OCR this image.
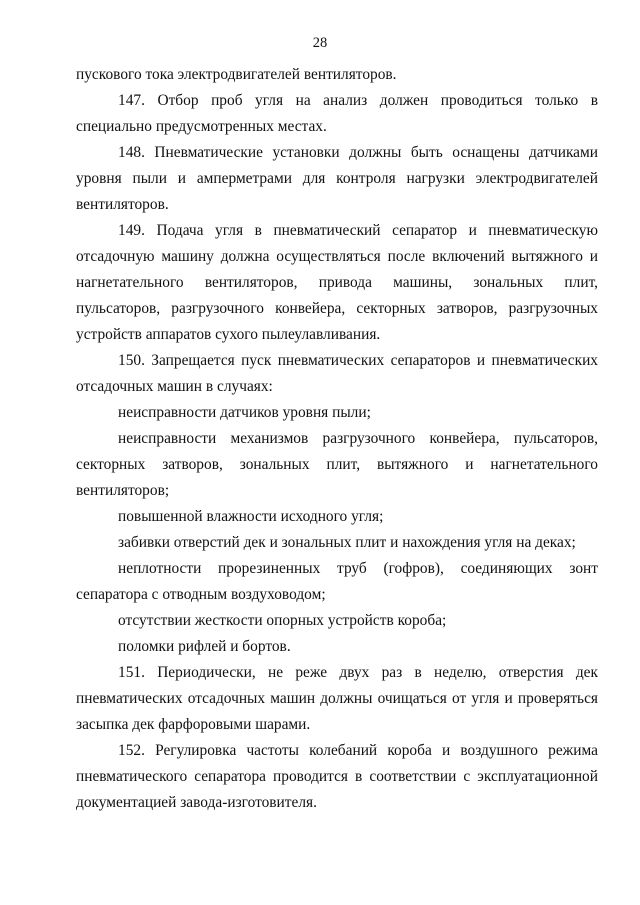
28

пускового тока электродвигателей вентиляторов.

147. Отбор проб угля на анализ должен проводиться только в специально предусмотренных местах.

148. Пневматические установки должны быть оснащены датчиками уровня пыли и амперметрами для контроля нагрузки электродвигателей вентиляторов.

149. Подача угля в пневматический сепаратор и пневматическую отсадочную машину должна осуществляться после включений вытяжного и нагнетательного вентиляторов, привода машины, зональных плит, пульсаторов, разгрузочного конвейера, секторных затворов, разгрузочных устройств аппаратов сухого пылеулавливания.

150. Запрещается пуск пневматических сепараторов и пневматических отсадочных машин в случаях:

неисправности датчиков уровня пыли;

неисправности механизмов разгрузочного конвейера, пульсаторов, секторных затворов, зональных плит, вытяжного и нагнетательного вентиляторов;

повышенной влажности исходного угля;

забивки отверстий дек и зональных плит и нахождения угля на деках;

неплотности прорезиненных труб (гофров), соединяющих зонт сепаратора с отводным воздуховодом;

отсутствии жесткости опорных устройств короба;

поломки рифлей и бортов.

151. Периодически, не реже двух раз в неделю, отверстия дек пневматических отсадочных машин должны очищаться от угля и проверяться засыпка дек фарфоровыми шарами.

152. Регулировка частоты колебаний короба и воздушного режима пневматического сепаратора проводится в соответствии с эксплуатационной документацией завода-изготовителя.
